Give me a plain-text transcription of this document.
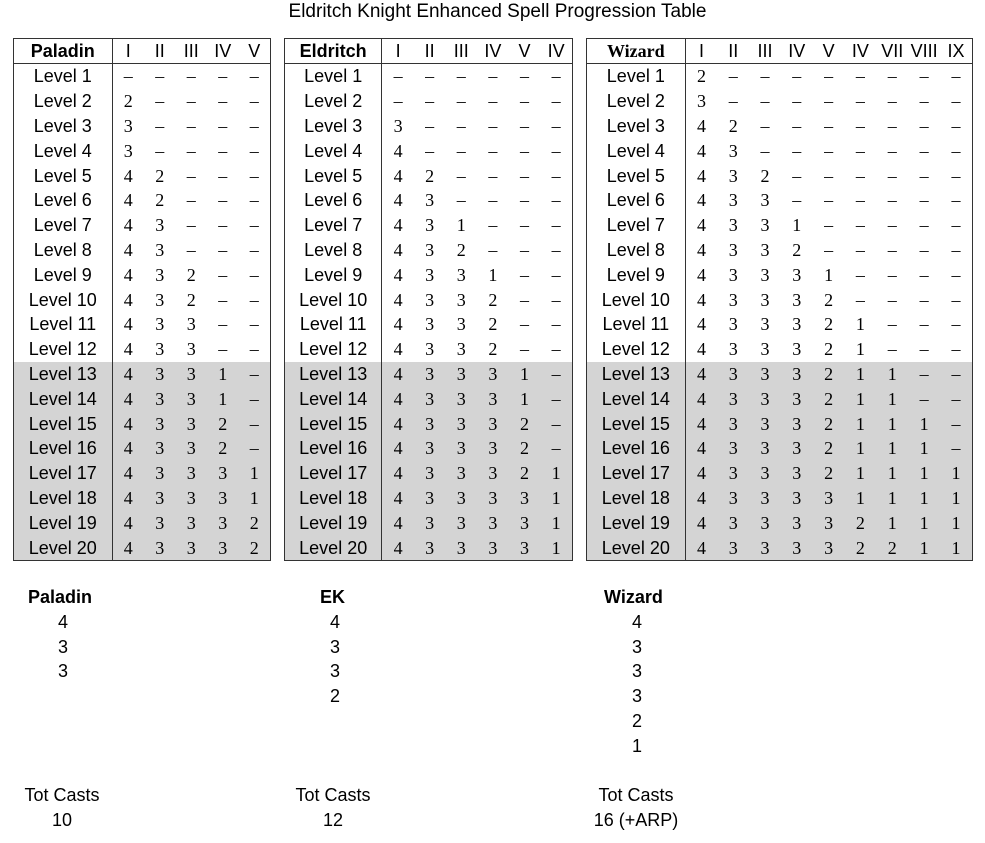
Eldritch Knight Enhanced Spell Progression Table
Paladin	I	II	III	IV	V
Level 1	–	–	–	–	–
Level 2	2	–	–	–	–
Level 3	3	–	–	–	–
Level 4	3	–	–	–	–
Level 5	4	2	–	–	–
Level 6	4	2	–	–	–
Level 7	4	3	–	–	–
Level 8	4	3	–	–	–
Level 9	4	3	2	–	–
Level 10	4	3	2	–	–
Level 11	4	3	3	–	–
Level 12	4	3	3	–	–
Level 13	4	3	3	1	–
Level 14	4	3	3	1	–
Level 15	4	3	3	2	–
Level 16	4	3	3	2	–
Level 17	4	3	3	3	1
Level 18	4	3	3	3	1
Level 19	4	3	3	3	2
Level 20	4	3	3	3	2
Eldritch	I	II	III	IV	V	IV
Level 1	–	–	–	–	–	–
Level 2	–	–	–	–	–	–
Level 3	3	–	–	–	–	–
Level 4	4	–	–	–	–	–
Level 5	4	2	–	–	–	–
Level 6	4	3	–	–	–	–
Level 7	4	3	1	–	–	–
Level 8	4	3	2	–	–	–
Level 9	4	3	3	1	–	–
Level 10	4	3	3	2	–	–
Level 11	4	3	3	2	–	–
Level 12	4	3	3	2	–	–
Level 13	4	3	3	3	1	–
Level 14	4	3	3	3	1	–
Level 15	4	3	3	3	2	–
Level 16	4	3	3	3	2	–
Level 17	4	3	3	3	2	1
Level 18	4	3	3	3	3	1
Level 19	4	3	3	3	3	1
Level 20	4	3	3	3	3	1
Wizard	I	II	III	IV	V	IV	VII	VIII	IX
Level 1	2	–	–	–	–	–	–	–	–
Level 2	3	–	–	–	–	–	–	–	–
Level 3	4	2	–	–	–	–	–	–	–
Level 4	4	3	–	–	–	–	–	–	–
Level 5	4	3	2	–	–	–	–	–	–
Level 6	4	3	3	–	–	–	–	–	–
Level 7	4	3	3	1	–	–	–	–	–
Level 8	4	3	3	2	–	–	–	–	–
Level 9	4	3	3	3	1	–	–	–	–
Level 10	4	3	3	3	2	–	–	–	–
Level 11	4	3	3	3	2	1	–	–	–
Level 12	4	3	3	3	2	1	–	–	–
Level 13	4	3	3	3	2	1	1	–	–
Level 14	4	3	3	3	2	1	1	–	–
Level 15	4	3	3	3	2	1	1	1	–
Level 16	4	3	3	3	2	1	1	1	–
Level 17	4	3	3	3	2	1	1	1	1
Level 18	4	3	3	3	3	1	1	1	1
Level 19	4	3	3	3	3	2	1	1	1
Level 20	4	3	3	3	3	2	2	1	1
Paladin
4
3
3
EK
4
3
3
2
Wizard
4
3
3
3
2
1
Tot Casts
10
Tot Casts
12
Tot Casts
16 (+ARP)
